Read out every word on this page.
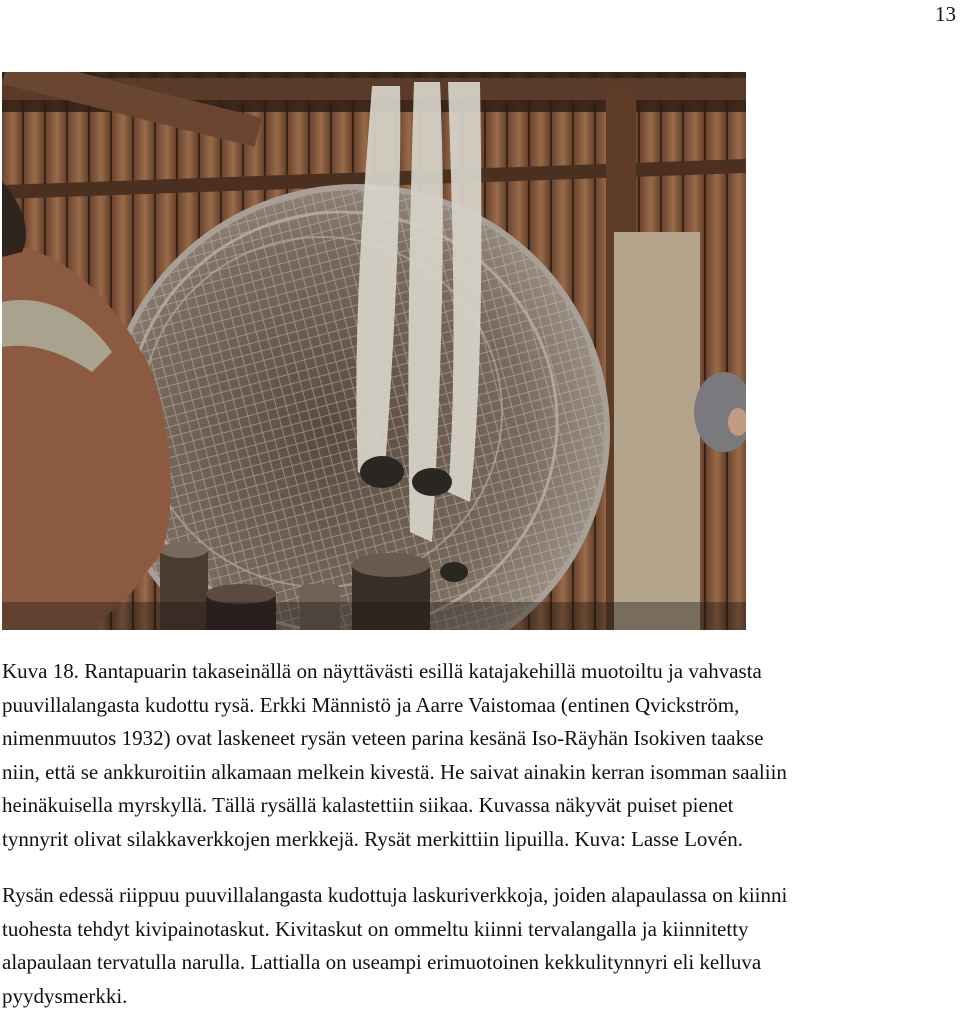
13

Kuva 18. Rantapuarin takaseinällä on näyttävästi esillä katajakehillä muotoiltu ja vahvasta
puuvillalangasta kudottu rysä. Erkki Männistö ja Aarre Vaistomaa (entinen Qvickström,
nimenmuutos 1932) ovat laskeneet rysän veteen parina kesänä Iso-Räyhän Isokiven taakse
niin, että se ankkuroitiin alkamaan melkein kivestä. He saivat ainakin kerran isomman saaliin
heinäkuisella myrskyllä. Tällä rysällä kalastettiin siikaa. Kuvassa näkyvät puiset pienet
tynnyrit olivat silakkaverkkojen merkkejä. Rysät merkittiin lipuilla. Kuva: Lasse Lovén.

Rysän edessä riippuu puuvillalangasta kudottuja laskuriverkkoja, joiden alapaulassa on kiinni
tuohesta tehdyt kivipainotaskut. Kivitaskut on ommeltu kiinni tervalangalla ja kiinnitetty
alapaulaan tervatulla narulla. Lattialla on useampi erimuotoinen kekkulitynnyri eli kelluva
pyydysmerkki.
